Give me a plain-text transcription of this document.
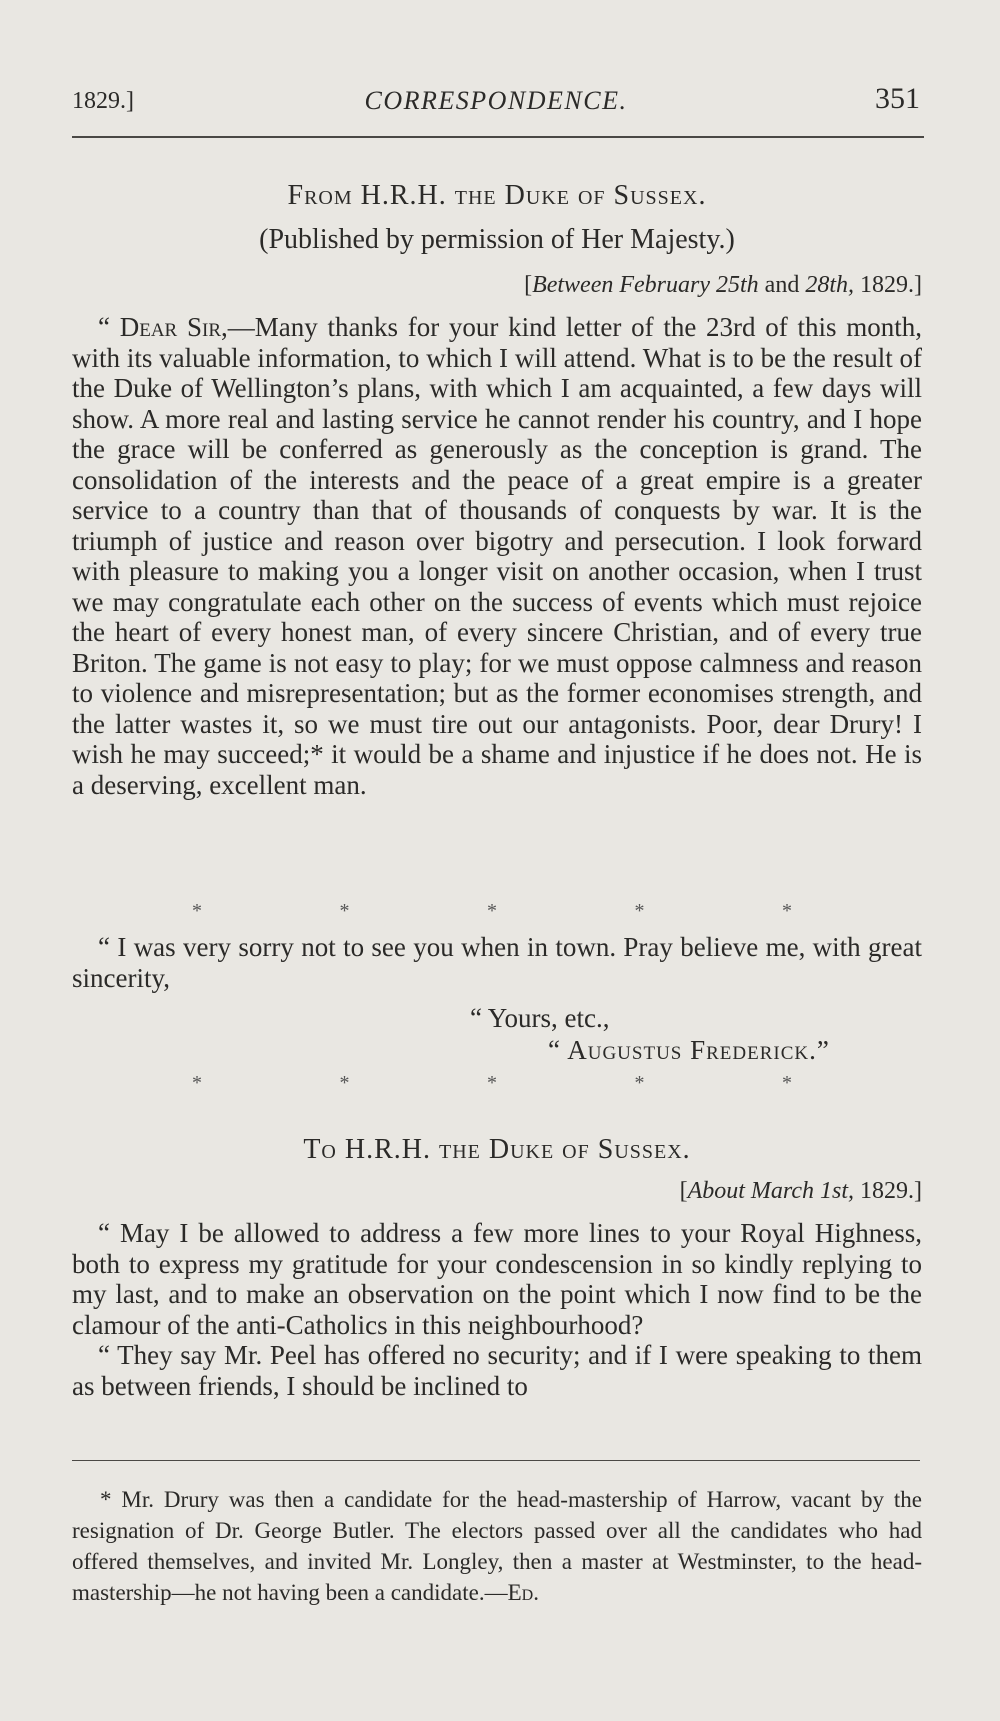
1829.]	CORRESPONDENCE.	351
From H.R.H. the Duke of Sussex.
(Published by permission of Her Majesty.)
[Between February 25th and 28th, 1829.]

“ Dear Sir,—Many thanks for your kind letter of the 23rd of this month, with its valuable information, to which I will attend. What is to be the result of the Duke of Wellington’s plans, with which I am acquainted, a few days will show. A more real and lasting service he cannot render his country, and I hope the grace will be conferred as generously as the conception is grand. The consolidation of the interests and the peace of a great empire is a greater service to a country than that of thousands of conquests by war. It is the triumph of justice and reason over bigotry and persecution. I look forward with pleasure to making you a longer visit on another occasion, when I trust we may congratulate each other on the success of events which must rejoice the heart of every honest man, of every sincere Christian, and of every true Briton. The game is not easy to play; for we must oppose calmness and reason to violence and misrepresentation; but as the former economises strength, and the latter wastes it, so we must tire out our antagonists. Poor, dear Drury! I wish he may succeed;* it would be a shame and injustice if he does not. He is a deserving, excellent man.

*	*	*	*	*

“ I was very sorry not to see you when in town. Pray believe me, with great sincerity,

“ Yours, etc.,
“ Augustus Frederick.”
*	*	*	*	*
To H.R.H. the Duke of Sussex.
[About March 1st, 1829.]

“ May I be allowed to address a few more lines to your Royal Highness, both to express my gratitude for your condescension in so kindly replying to my last, and to make an observation on the point which I now find to be the clamour of the anti-Catholics in this neighbourhood?

“ They say Mr. Peel has offered no security; and if I were speaking to them as between friends, I should be inclined to

* Mr. Drury was then a candidate for the head-mastership of Harrow, vacant by the resignation of Dr. George Butler. The electors passed over all the candidates who had offered themselves, and invited Mr. Longley, then a master at Westminster, to the head-mastership—he not having been a candidate.—Ed.
